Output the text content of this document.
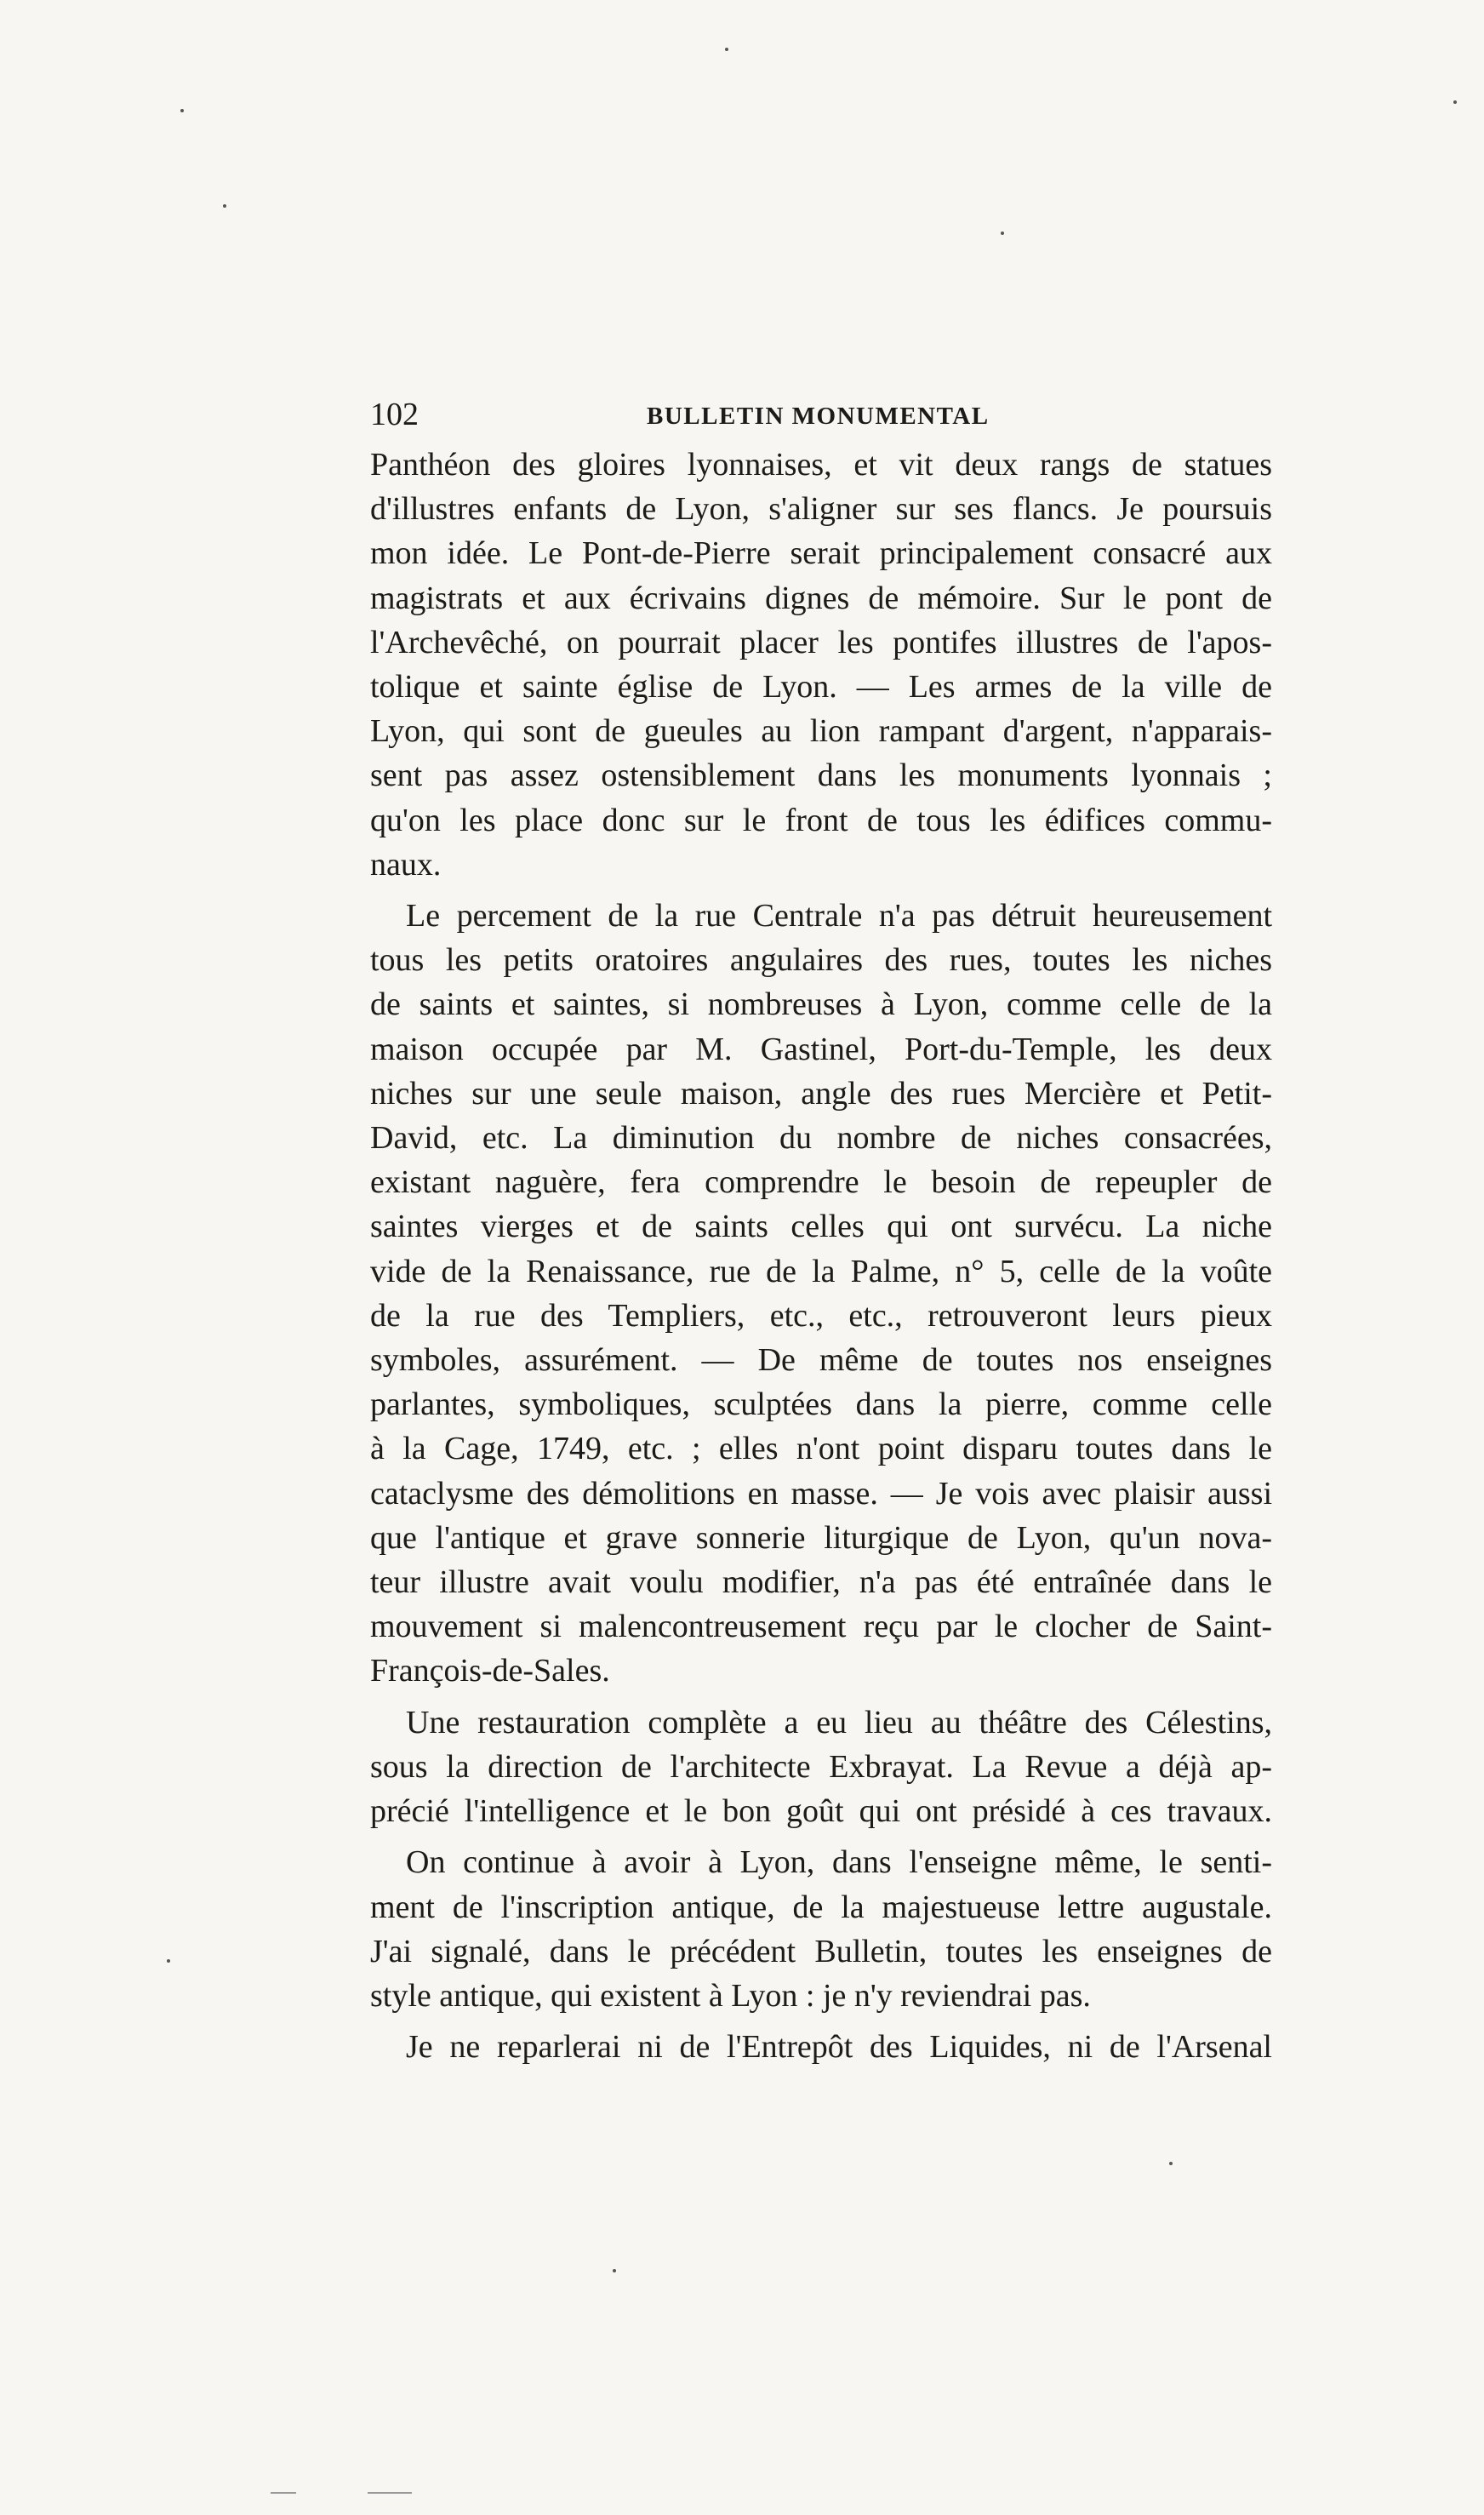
102	BULLETIN MONUMENTAL

Panthéon des gloires lyonnaises, et vit deux rangs de statues
d'illustres enfants de Lyon, s'aligner sur ses flancs. Je poursuis
mon idée. Le Pont-de-Pierre serait principalement consacré aux
magistrats et aux écrivains dignes de mémoire. Sur le pont de
l'Archevêché, on pourrait placer les pontifes illustres de l'apos-
tolique et sainte église de Lyon. — Les armes de la ville de
Lyon, qui sont de gueules au lion rampant d'argent, n'apparais-
sent pas assez ostensiblement dans les monuments lyonnais ;
qu'on les place donc sur le front de tous les édifices commu-
naux.

Le percement de la rue Centrale n'a pas détruit heureusement
tous les petits oratoires angulaires des rues, toutes les niches
de saints et saintes, si nombreuses à Lyon, comme celle de la
maison occupée par M. Gastinel, Port-du-Temple, les deux
niches sur une seule maison, angle des rues Mercière et Petit-
David, etc. La diminution du nombre de niches consacrées,
existant naguère, fera comprendre le besoin de repeupler de
saintes vierges et de saints celles qui ont survécu. La niche
vide de la Renaissance, rue de la Palme, n° 5, celle de la voûte
de la rue des Templiers, etc., etc., retrouveront leurs pieux
symboles, assurément. — De même de toutes nos enseignes
parlantes, symboliques, sculptées dans la pierre, comme celle
à la Cage, 1749, etc. ; elles n'ont point disparu toutes dans le
cataclysme des démolitions en masse. — Je vois avec plaisir aussi
que l'antique et grave sonnerie liturgique de Lyon, qu'un nova-
teur illustre avait voulu modifier, n'a pas été entraînée dans le
mouvement si malencontreusement reçu par le clocher de Saint-
François-de-Sales.

Une restauration complète a eu lieu au théâtre des Célestins,
sous la direction de l'architecte Exbrayat. La Revue a déjà ap-
précié l'intelligence et le bon goût qui ont présidé à ces travaux.

On continue à avoir à Lyon, dans l'enseigne même, le senti-
ment de l'inscription antique, de la majestueuse lettre augustale.
J'ai signalé, dans le précédent Bulletin, toutes les enseignes de
style antique, qui existent à Lyon : je n'y reviendrai pas.

Je ne reparlerai ni de l'Entrepôt des Liquides, ni de l'Arsenal
